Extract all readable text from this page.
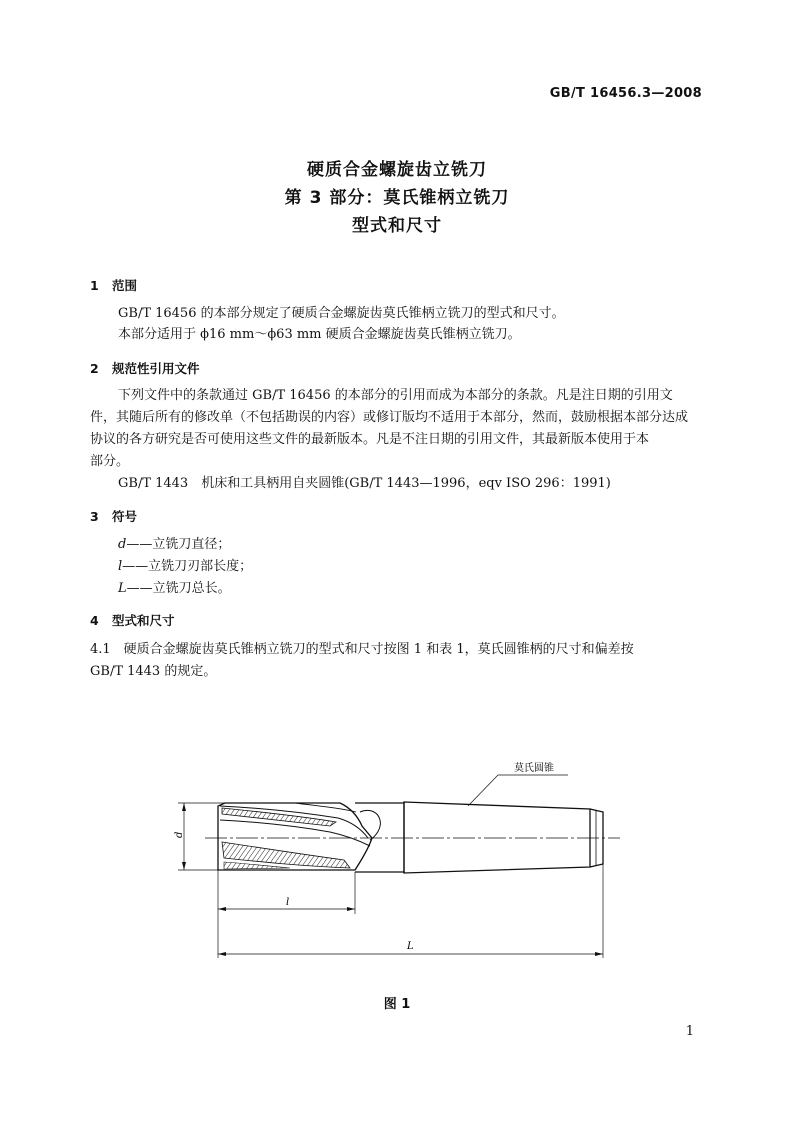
GB/T 16456.3—2008
硬质合金螺旋齿立铣刀
第 3 部分：莫氏锥柄立铣刀
型式和尺寸
1 范围
GB/T 16456 的本部分规定了硬质合金螺旋齿莫氏锥柄立铣刀的型式和尺寸。
本部分适用于 ϕ16 mm～ϕ63 mm 硬质合金螺旋齿莫氏锥柄立铣刀。
2 规范性引用文件
下列文件中的条款通过 GB/T 16456 的本部分的引用而成为本部分的条款。凡是注日期的引用文
件，其随后所有的修改单（不包括勘误的内容）或修订版均不适用于本部分，然而，鼓励根据本部分达成
协议的各方研究是否可使用这些文件的最新版本。凡是不注日期的引用文件，其最新版本使用于本
部分。
GB/T 1443　机床和工具柄用自夹圆锥(GB/T 1443—1996，eqv ISO 296：1991)
3 符号
d——立铣刀直径；
l——立铣刀刃部长度；
L——立铣刀总长。
4 型式和尺寸
4.1　硬质合金螺旋齿莫氏锥柄立铣刀的型式和尺寸按图 1 和表 1，莫氏圆锥柄的尺寸和偏差按
GB/T 1443 的规定。
莫氏圆锥
d
l
L
图 1
1
